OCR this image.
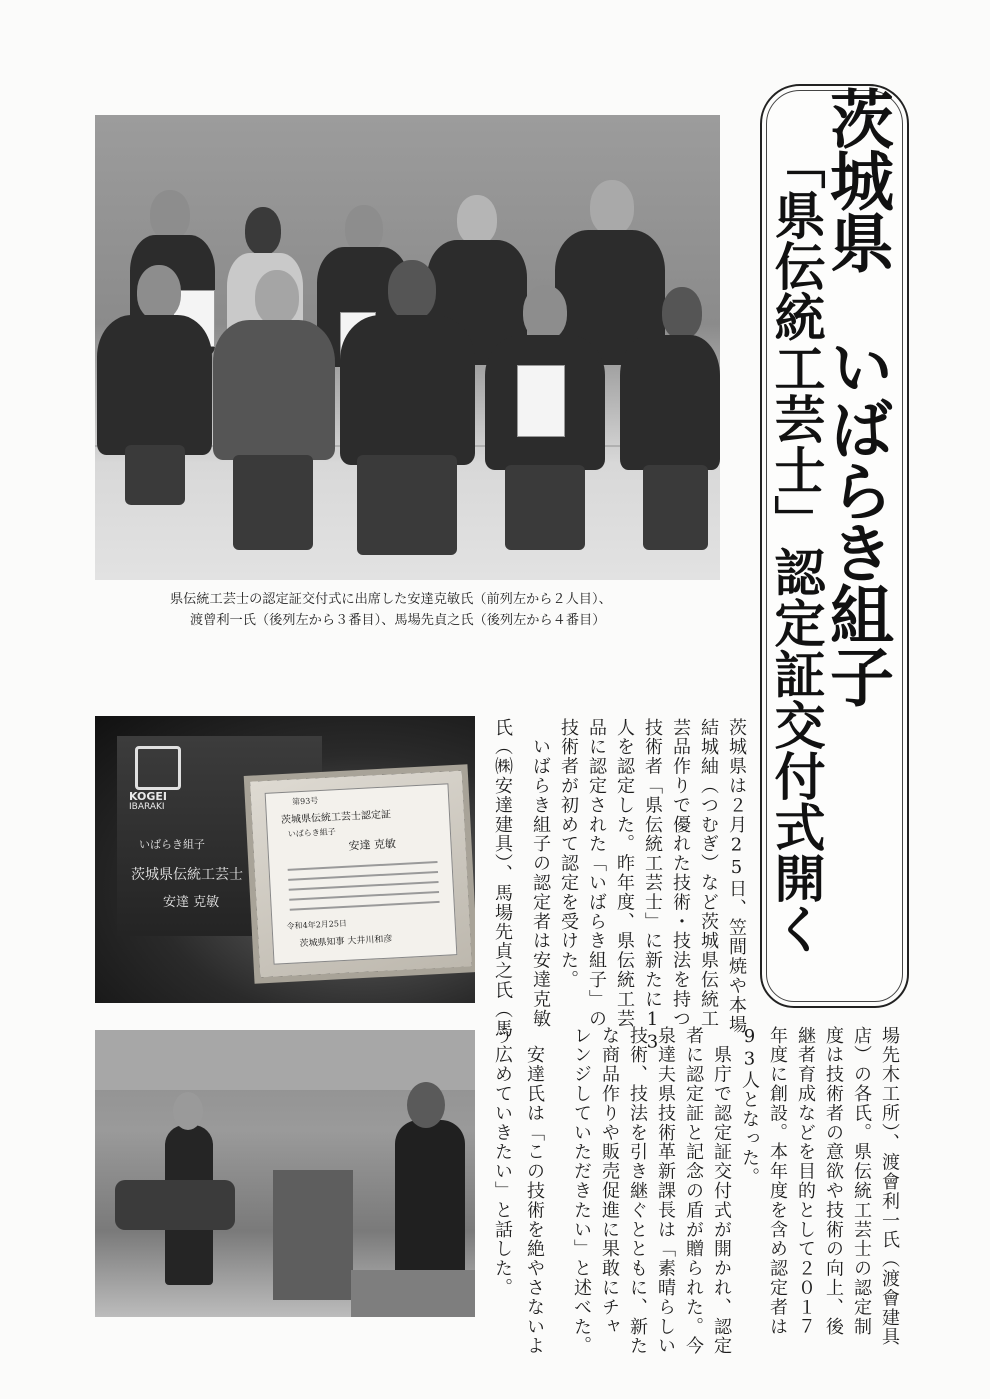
県伝統工芸士の認定証交付式に出席した安達克敏氏（前列左から２人目）、
渡曾利一氏（後列左から３番目）、馬場先貞之氏（後列左から４番目）
KOGEI
IBARAKI
いばらき組子
茨城県伝統工芸士
安達 克敏
第93号
茨城県伝統工芸士認定証
いばらき組子
安達 克敏
令和4年2月25日
茨城県知事 大井川和彦
茨城県　いばらき組子
「県伝統工芸士」認定証交付式開く
茨城県は２月25日、笠間焼や本場
結城紬（つむぎ）など茨城県伝統工
芸品作りで優れた技術・技法を持つ
技術者「県伝統工芸士」に新たに13
人を認定した。昨年度、県伝統工芸
品に認定された「いばらき組子」の
技術者が初めて認定を受けた。
　いばらき組子の認定者は安達克敏
氏（㈱安達建具）、馬場先貞之氏（馬
場先木工所）、渡會利一氏（渡會建具
店）の各氏。県伝統工芸士の認定制
度は技術者の意欲や技術の向上、後
継者育成などを目的として２０１７
年度に創設。本年度を含め認定者は
93人となった。
　県庁で認定証交付式が開かれ、認定
者に認定証と記念の盾が贈られた。今
泉達夫県技術革新課長は「素晴らしい
技術、技法を引き継ぐとともに、新た
な商品作りや販売促進に果敢にチャ
レンジしていただきたい」と述べた。
　安達氏は「この技術を絶やさないよ
う広めていきたい」と話した。
